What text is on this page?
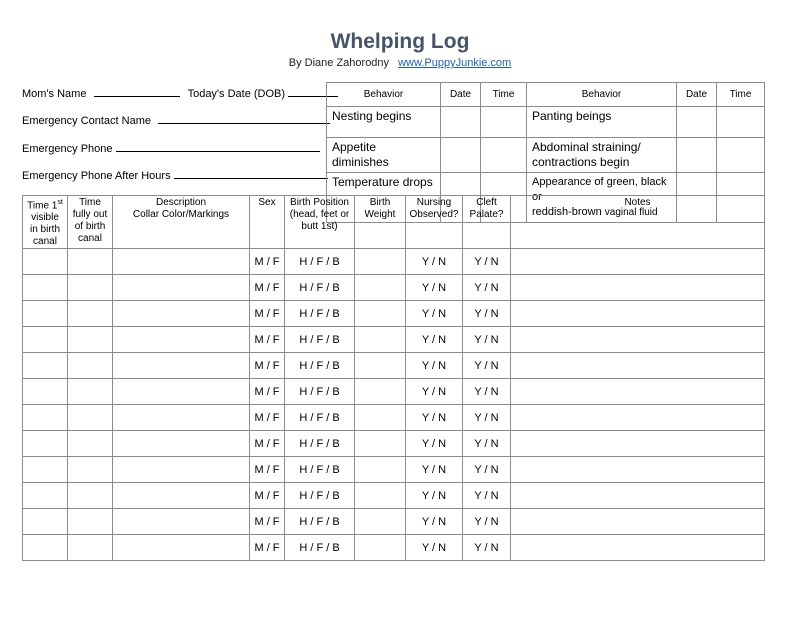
Whelping Log
By Diane Zahorodny www.PuppyJunkie.com
Mom's Name	Today's Date (DOB)
Emergency Contact Name
Emergency Phone
Emergency Phone After Hours
Behavior	Date	Time	Behavior	Date	Time
Nesting begins			Panting beings		
Appetite diminishes			Abdominal straining/
contractions begin		
Temperature drops			Appearance of green, black or
reddish-brown vaginal fluid		
Time 1st
visible
in birth
canal	Time
fully out
of birth
canal	Description
Collar Color/Markings	Sex	Birth Position
(head, feet or
butt 1st)	Birth
Weight	Nursing
Observed?	Cleft
Palate?	Notes
			M / F	H / F / B		Y / N	Y / N	
			M / F	H / F / B		Y / N	Y / N	
			M / F	H / F / B		Y / N	Y / N	
			M / F	H / F / B		Y / N	Y / N	
			M / F	H / F / B		Y / N	Y / N	
			M / F	H / F / B		Y / N	Y / N	
			M / F	H / F / B		Y / N	Y / N	
			M / F	H / F / B		Y / N	Y / N	
			M / F	H / F / B		Y / N	Y / N	
			M / F	H / F / B		Y / N	Y / N	
			M / F	H / F / B		Y / N	Y / N	
			M / F	H / F / B		Y / N	Y / N	
